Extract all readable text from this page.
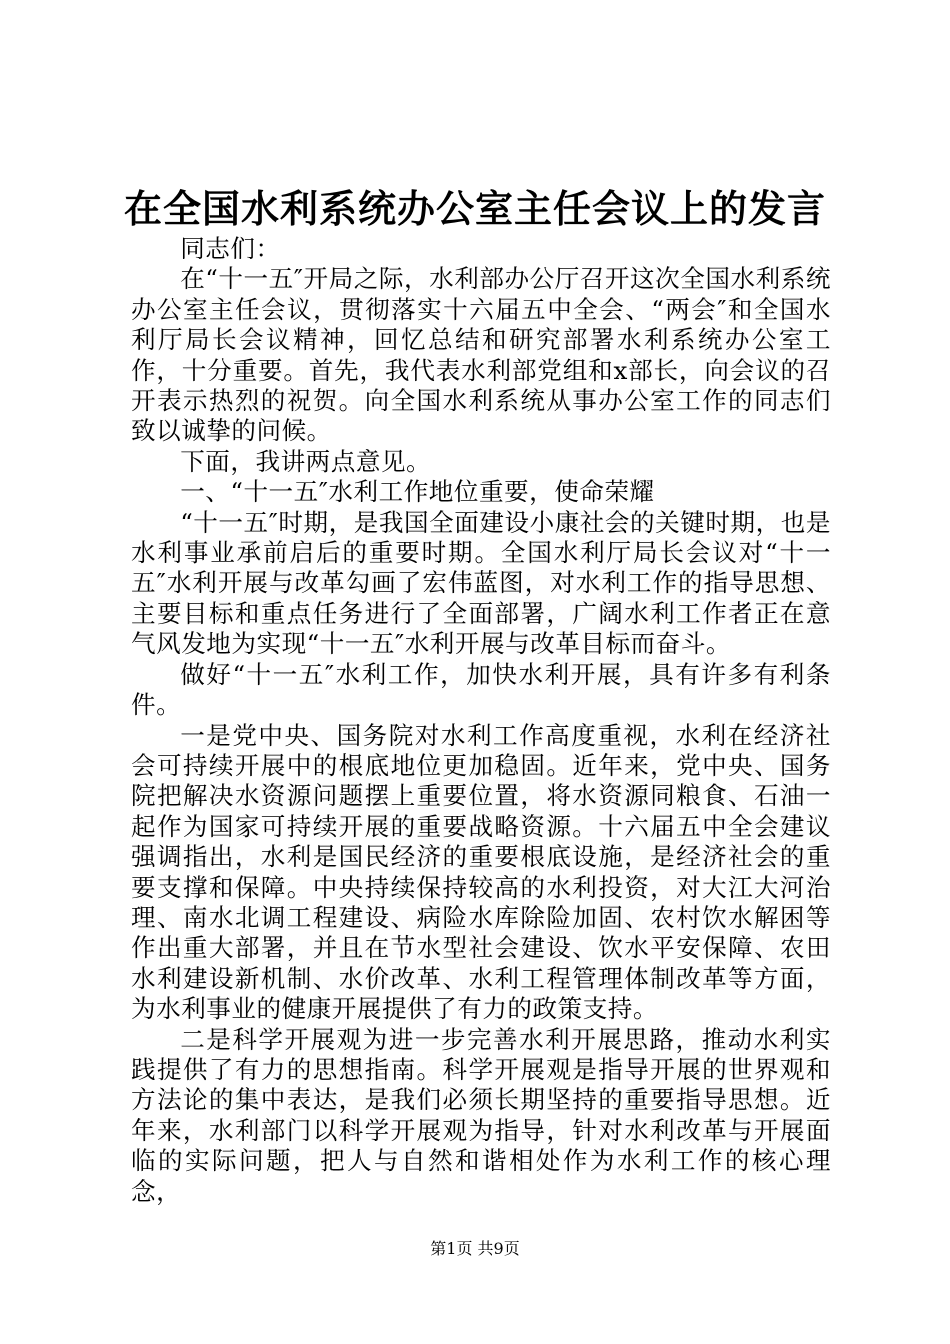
在全国水利系统办公室主任会议上的发言

同志们：

在“十一五″开局之际，水利部办公厅召开这次全国水利系统办公室主任会议，贯彻落实十六届五中全会、“两会″和全国水利厅局长会议精神，回忆总结和研究部署水利系统办公室工作，十分重要。首先，我代表水利部党组和x部长，向会议的召开表示热烈的祝贺。向全国水利系统从事办公室工作的同志们致以诚挚的问候。

下面，我讲两点意见。

一、“十一五″水利工作地位重要，使命荣耀

“十一五″时期，是我国全面建设小康社会的关键时期，也是水利事业承前启后的重要时期。全国水利厅局长会议对“十一五″水利开展与改革勾画了宏伟蓝图，对水利工作的指导思想、主要目标和重点任务进行了全面部署，广阔水利工作者正在意气风发地为实现“十一五″水利开展与改革目标而奋斗。

做好“十一五″水利工作，加快水利开展，具有许多有利条件。

一是党中央、国务院对水利工作高度重视，水利在经济社会可持续开展中的根底地位更加稳固。近年来，党中央、国务院把解决水资源问题摆上重要位置，将水资源同粮食、石油一起作为国家可持续开展的重要战略资源。十六届五中全会建议强调指出，水利是国民经济的重要根底设施，是经济社会的重要支撑和保障。中央持续保持较高的水利投资，对大江大河治理、南水北调工程建设、病险水库除险加固、农村饮水解困等作出重大部署，并且在节水型社会建设、饮水平安保障、农田水利建设新机制、水价改革、水利工程管理体制改革等方面，为水利事业的健康开展提供了有力的政策支持。

二是科学开展观为进一步完善水利开展思路，推动水利实践提供了有力的思想指南。科学开展观是指导开展的世界观和方法论的集中表达，是我们必须长期坚持的重要指导思想。近年来，水利部门以科学开展观为指导，针对水利改革与开展面临的实际问题，把人与自然和谐相处作为水利工作的核心理念，

第1页 共9页
